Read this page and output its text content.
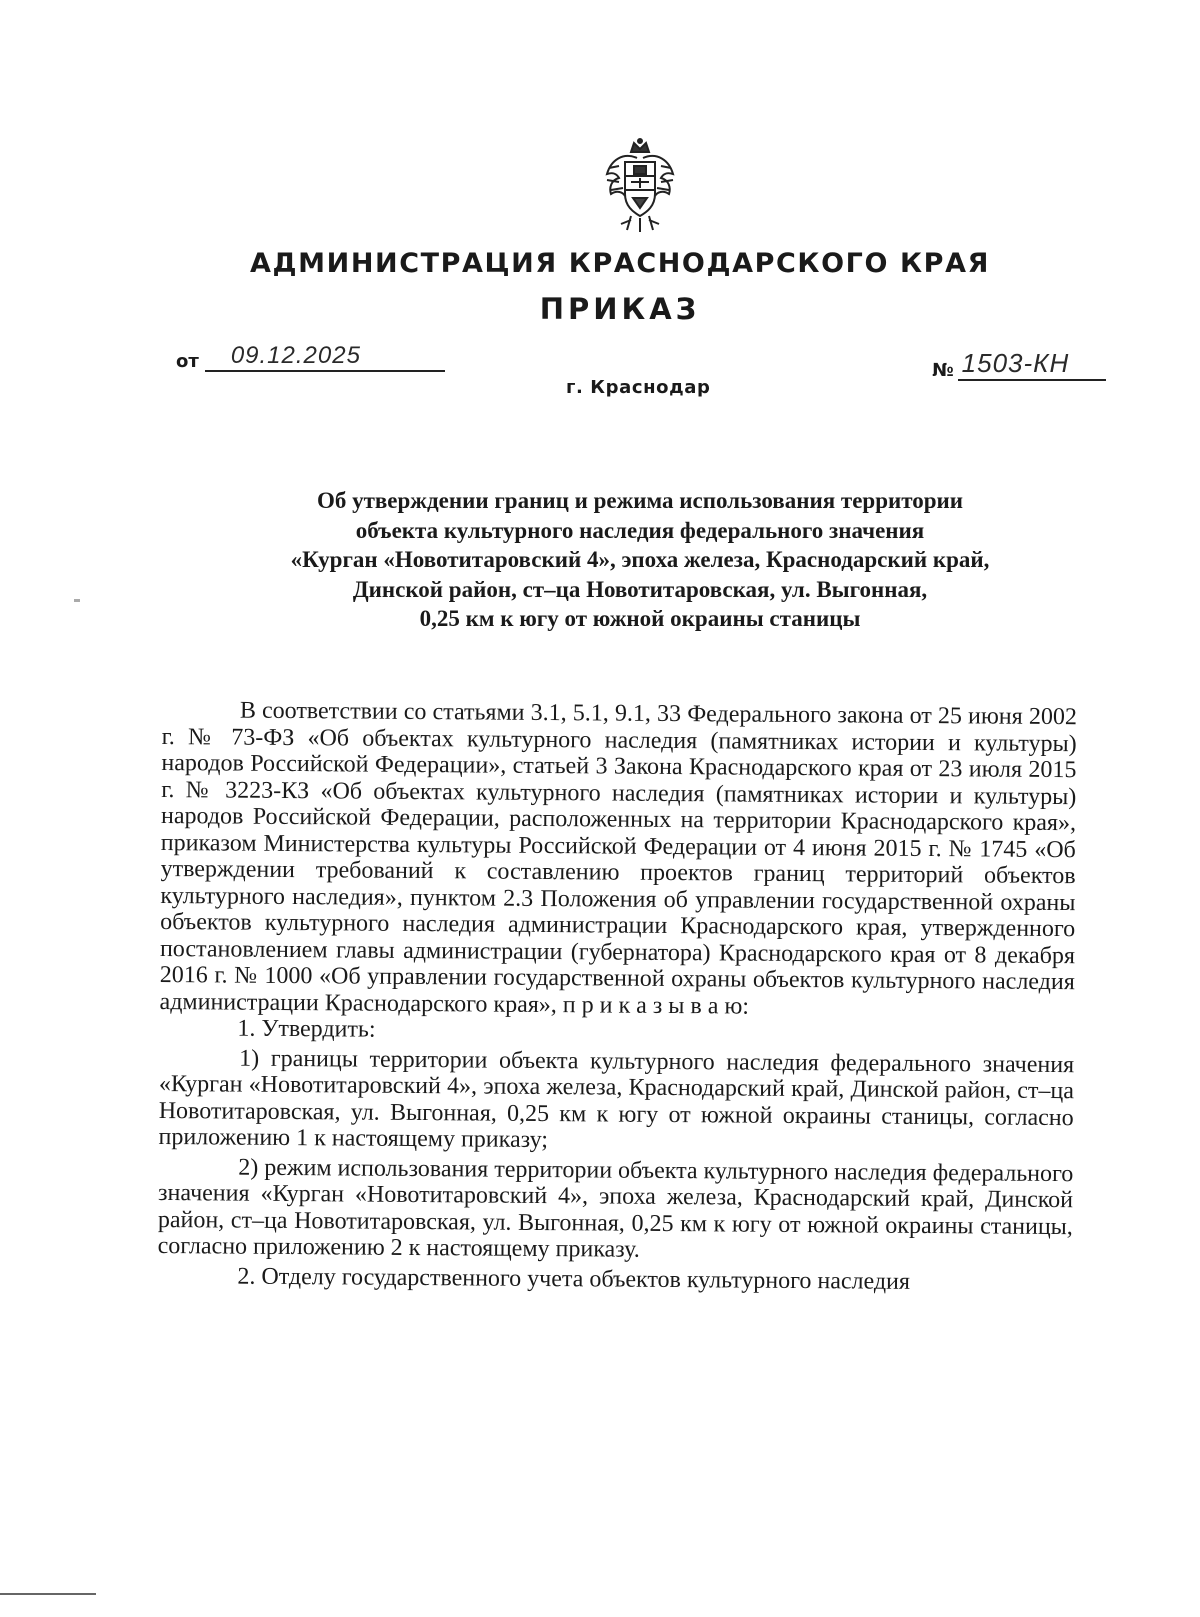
АДМИНИСТРАЦИЯ КРАСНОДАРСКОГО КРАЯ
ПРИКАЗ
от 09.12.2025
№ 1503-КН
г. Краснодар
Об утверждении границ и режима использования территории
объекта культурного наследия федерального значения
«Курган «Новотитаровский 4», эпоха железа, Краснодарский край,
Динской район, ст–ца Новотитаровская, ул. Выгонная,
0,25 км к югу от южной окраины станицы

В соответствии со статьями 3.1, 5.1, 9.1, 33 Федерального закона от 25 июня 2002 г. № 73-ФЗ «Об объектах культурного наследия (памятниках истории и культуры) народов Российской Федерации», статьей 3 Закона Краснодарского края от 23 июля 2015 г. № 3223-КЗ «Об объектах культурного наследия (памятниках истории и культуры) народов Российской Федерации, расположенных на территории Краснодарского края», приказом Министерства культуры Российской Федерации от 4 июня 2015 г. № 1745 «Об утверждении требований к составлению проектов границ территорий объектов культурного наследия», пунктом 2.3 Положения об управлении государственной охраны объектов культурного наследия администрации Краснодарского края, утвержденного постановлением главы администрации (губернатора) Краснодарского края от 8 декабря 2016 г. № 1000 «Об управлении государственной охраны объектов культурного наследия администрации Краснодарского края», п р и к а з ы в а ю:

1. Утвердить:

1) границы территории объекта культурного наследия федерального значения «Курган «Новотитаровский 4», эпоха железа, Краснодарский край, Динской район, ст–ца Новотитаровская, ул. Выгонная, 0,25 км к югу от южной окраины станицы, согласно приложению 1 к настоящему приказу;

2) режим использования территории объекта культурного наследия федерального значения «Курган «Новотитаровский 4», эпоха железа, Краснодарский край, Динской район, ст–ца Новотитаровская, ул. Выгонная, 0,25 км к югу от южной окраины станицы, согласно приложению 2 к настоящему приказу.

2. Отделу государственного учета объектов культурного наследия
